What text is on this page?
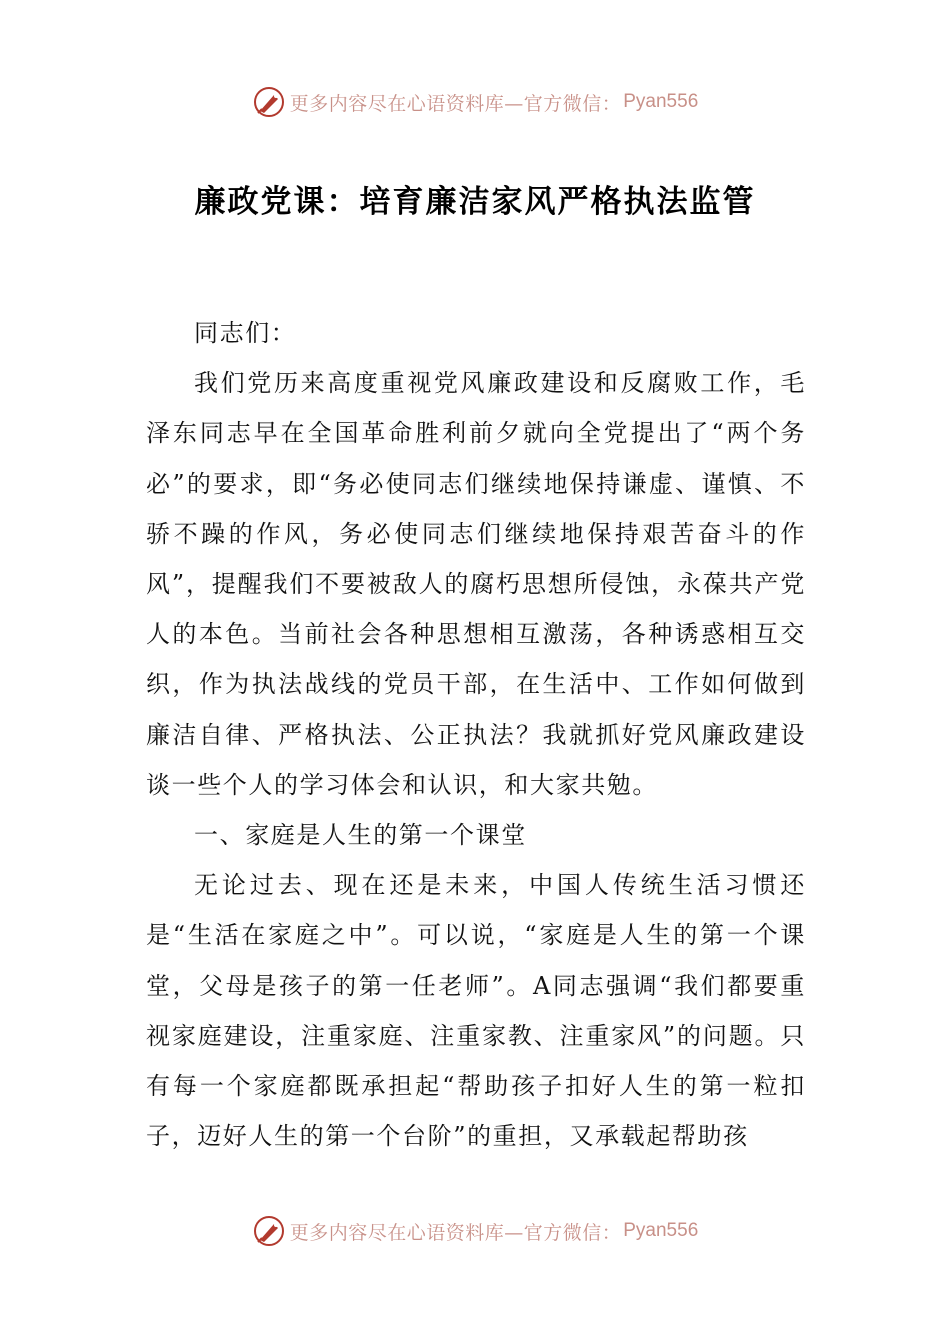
更多内容尽在心语资料库—官方微信： Pyan556
廉政党课：培育廉洁家风严格执法监管

同志们：

我们党历来高度重视党风廉政建设和反腐败工作，毛泽东同志早在全国革命胜利前夕就向全党提出了“两个务必”的要求，即“务必使同志们继续地保持谦虚、谨慎、不骄不躁的作风，务必使同志们继续地保持艰苦奋斗的作风”，提醒我们不要被敌人的腐朽思想所侵蚀，永葆共产党人的本色。当前社会各种思想相互激荡，各种诱惑相互交织，作为执法战线的党员干部，在生活中、工作如何做到廉洁自律、严格执法、公正执法？我就抓好党风廉政建设谈一些个人的学习体会和认识，和大家共勉。

一、家庭是人生的第一个课堂

无论过去、现在还是未来，中国人传统生活习惯还是“生活在家庭之中”。可以说，“家庭是人生的第一个课堂，父母是孩子的第一任老师”。A同志强调“我们都要重视家庭建设，注重家庭、注重家教、注重家风”的问题。只有每一个家庭都既承担起“帮助孩子扣好人生的第一粒扣子，迈好人生的第一个台阶”的重担，又承载起帮助孩

更多内容尽在心语资料库—官方微信： Pyan556
